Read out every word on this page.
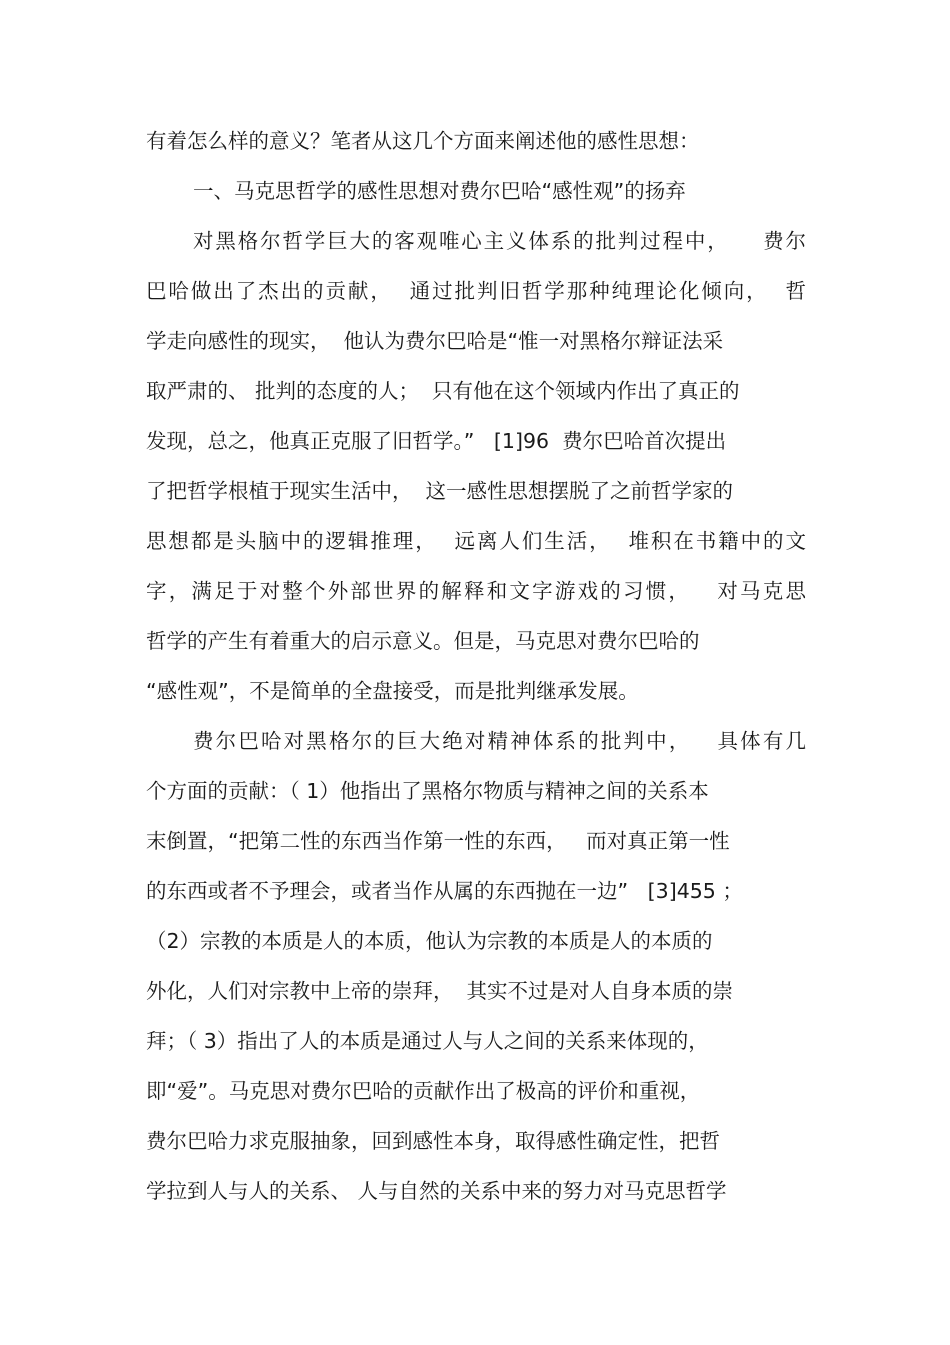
有着怎么样的意义？笔者从这几个方面来阐述他的感性思想：
一、马克思哲学的感性思想对费尔巴哈“感性观”的扬弃
对黑格尔哲学巨大的客观唯心主义体系的批判过程中，    费尔
巴哈做出了杰出的贡献，  通过批判旧哲学那种纯理论化倾向，  哲
学走向感性的现实，  他认为费尔巴哈是“惟一对黑格尔辩证法采
取严肃的、 批判的态度的人；  只有他在这个领域内作出了真正的
发现，总之，他真正克服了旧哲学。”   [1]96  费尔巴哈首次提出
了把哲学根植于现实生活中，  这一感性思想摆脱了之前哲学家的
思想都是头脑中的逻辑推理，  远离人们生活，  堆积在书籍中的文
字，满足于对整个外部世界的解释和文字游戏的习惯，   对马克思
哲学的产生有着重大的启示意义。但是，马克思对费尔巴哈的
“感性观”，不是简单的全盘接受，而是批判继承发展。
费尔巴哈对黑格尔的巨大绝对精神体系的批判中，   具体有几
个方面的贡献：（ 1）他指出了黑格尔物质与精神之间的关系本
末倒置，“把第二性的东西当作第一性的东西，   而对真正第一性
的东西或者不予理会，或者当作从属的东西抛在一边”   [3]455 ；
（2）宗教的本质是人的本质，他认为宗教的本质是人的本质的
外化，人们对宗教中上帝的崇拜，  其实不过是对人自身本质的崇
拜；（ 3）指出了人的本质是通过人与人之间的关系来体现的，
即“爱”。马克思对费尔巴哈的贡献作出了极高的评价和重视，
费尔巴哈力求克服抽象，回到感性本身，取得感性确定性，把哲
学拉到人与人的关系、 人与自然的关系中来的努力对马克思哲学
